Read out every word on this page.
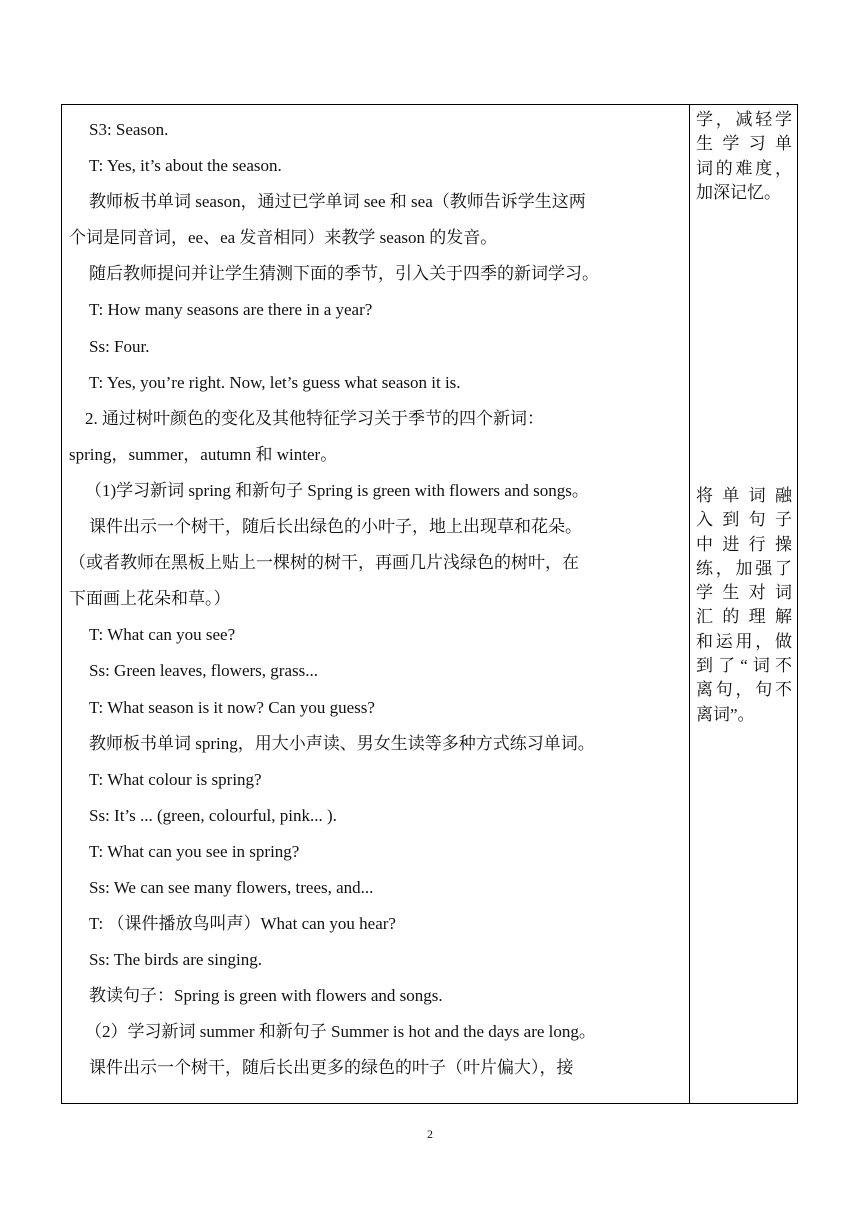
S3: Season.

T: Yes, it’s about the season.

教师板书单词 season，通过已学单词 see 和 sea（教师告诉学生这两

个词是同音词，ee、ea 发音相同）来教学 season 的发音。

随后教师提问并让学生猜测下面的季节，引入关于四季的新词学习。

T: How many seasons are there in a year?

Ss: Four.

T: Yes, you’re right. Now, let’s guess what season it is.

2. 通过树叶颜色的变化及其他特征学习关于季节的四个新词：

spring，summer，autumn 和 winter。

（1)学习新词 spring 和新句子 Spring is green with flowers and songs。

课件出示一个树干，随后长出绿色的小叶子，地上出现草和花朵。

（或者教师在黑板上贴上一棵树的树干，再画几片浅绿色的树叶，在

下面画上花朵和草。）

T: What can you see?

Ss: Green leaves, flowers, grass...

T: What season is it now? Can you guess?

教师板书单词 spring，用大小声读、男女生读等多种方式练习单词。

T: What colour is spring?

Ss: It’s ... (green, colourful, pink... ).

T: What can you see in spring?

Ss: We can see many flowers, trees, and...

T: （课件播放鸟叫声）What can you hear?

Ss: The birds are singing.

教读句子：Spring is green with flowers and songs.

（2）学习新词 summer 和新句子 Summer is hot and the days are long。

课件出示一个树干，随后长出更多的绿色的叶子（叶片偏大），接

学，减轻学

生 学 习 单

词的难度，

加深记忆。

将 单 词 融

入 到 句 子

中 进 行 操

练，加强了

学 生 对 词

汇 的 理 解

和运用，做

到了“词不

离句，句不

离词”。

2
